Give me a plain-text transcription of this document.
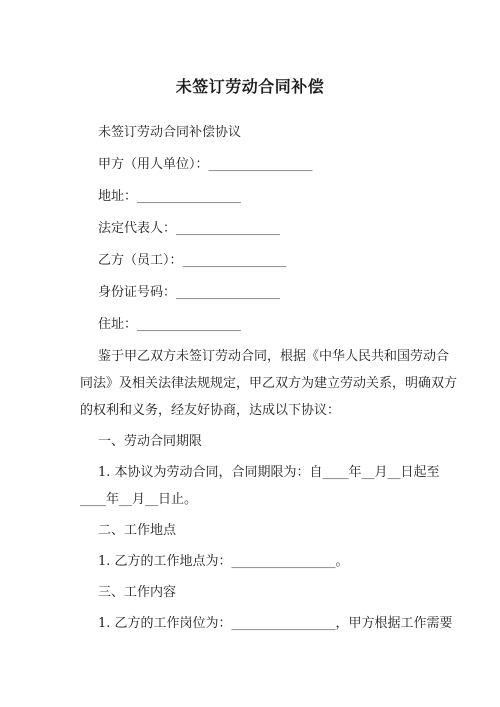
未签订劳动合同补偿
未签订劳动合同补偿协议
甲方（用人单位）：________________
地址：________________
法定代表人：________________
乙方（员工）：________________
身份证号码：________________
住址：________________
鉴于甲乙双方未签订劳动合同，根据《中华人民共和国劳动合
同法》及相关法律法规规定，甲乙双方为建立劳动关系，明确双方
的权利和义务，经友好协商，达成以下协议：
一、劳动合同期限
1. 本协议为劳动合同，合同期限为：自____年__月__日起至
____年__月__日止。
二、工作地点
1. 乙方的工作地点为：________________。
三、工作内容
1. 乙方的工作岗位为：________________，甲方根据工作需要
